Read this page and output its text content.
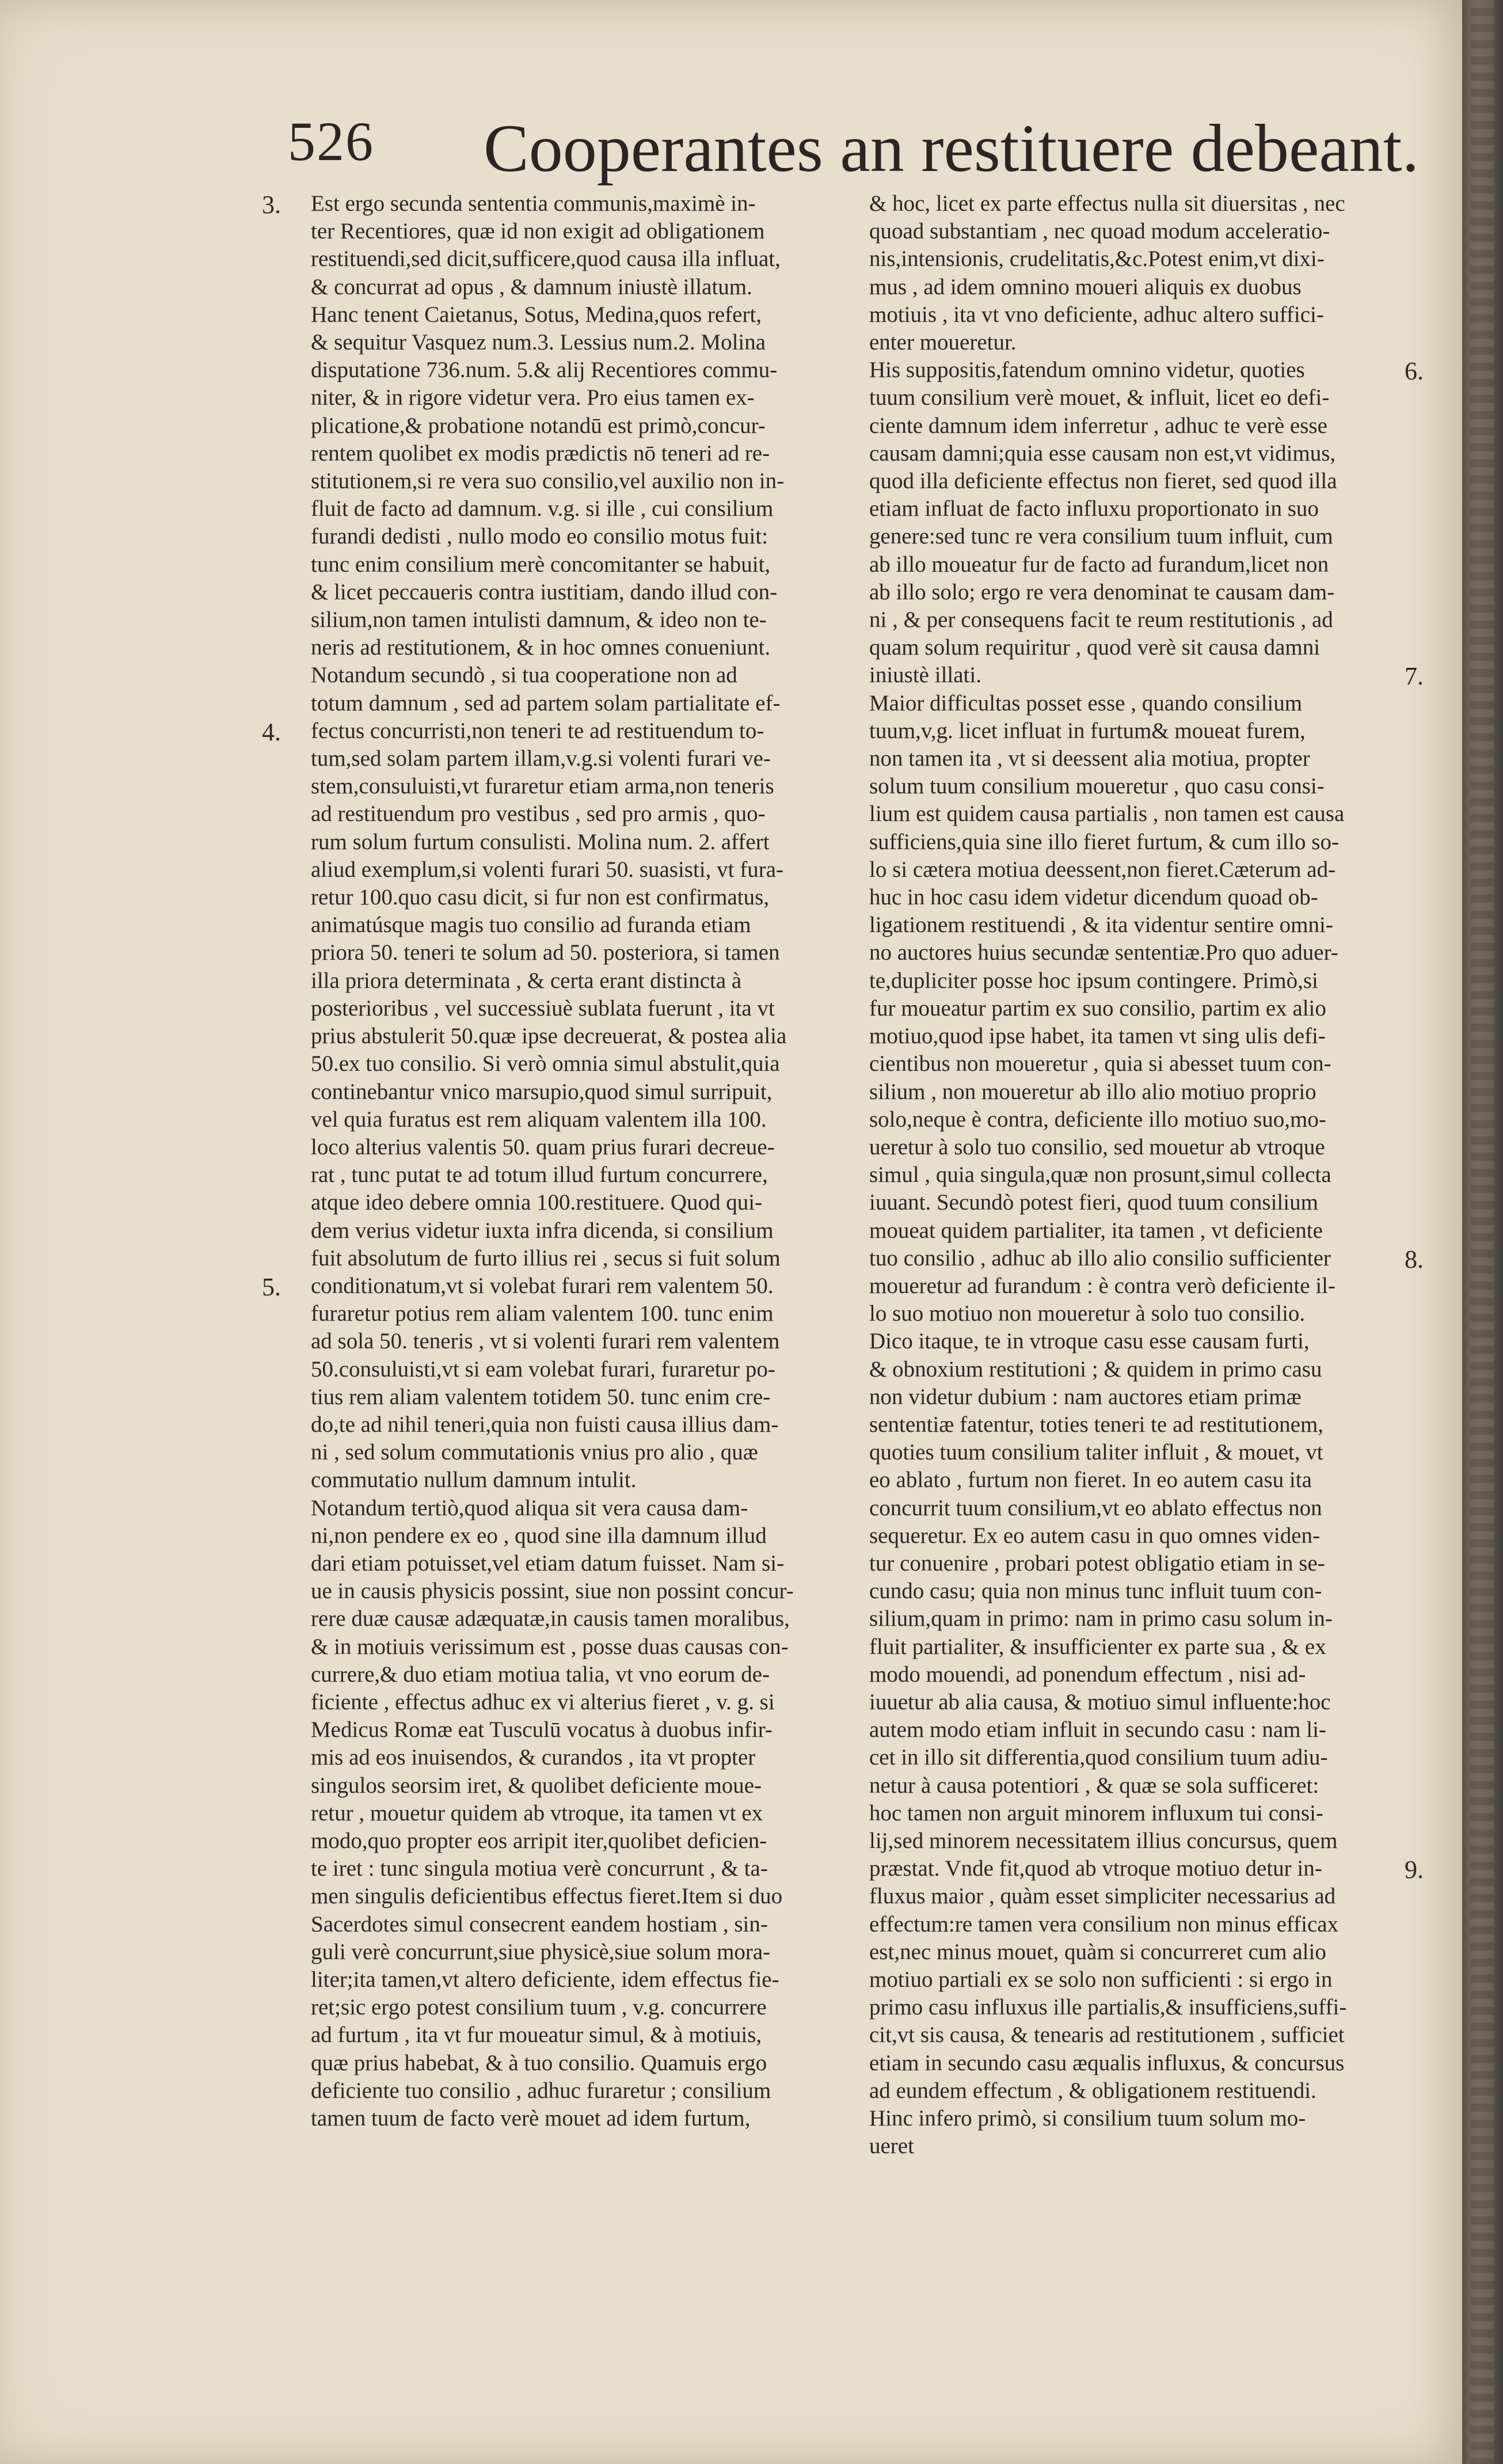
526 Cooperantes an restituere debeant.
Est ergo secunda sententia communis,maximè in-
ter Recentiores, quæ id non exigit ad obligationem
restituendi,sed dicit,sufficere,quod causa illa influat,
& concurrat ad opus , & damnum iniustè illatum.
Hanc tenent Caietanus, Sotus, Medina,quos refert,
& sequitur Vasquez num.3. Lessius num.2. Molina
disputatione 736.num. 5.& alij Recentiores commu-
niter, & in rigore videtur vera. Pro eius tamen ex-
plicatione,& probatione notandū est primò,concur-
rentem quolibet ex modis prædictis nō teneri ad re-
stitutionem,si re vera suo consilio,vel auxilio non in-
fluit de facto ad damnum. v.g. si ille , cui consilium
furandi dedisti , nullo modo eo consilio motus fuit:
tunc enim consilium merè concomitanter se habuit,
& licet peccaueris contra iustitiam, dando illud con-
silium,non tamen intulisti damnum, & ideo non te-
neris ad restitutionem, & in hoc omnes conueniunt.
Notandum secundò , si tua cooperatione non ad
totum damnum , sed ad partem solam partialitate ef-
fectus concurristi,non teneri te ad restituendum to-
tum,sed solam partem illam,v.g.si volenti furari ve-
stem,consuluisti,vt furaretur etiam arma,non teneris
ad restituendum pro vestibus , sed pro armis , quo-
rum solum furtum consulisti. Molina num. 2. affert
aliud exemplum,si volenti furari 50. suasisti, vt fura-
retur 100.quo casu dicit, si fur non est confirmatus,
animatúsque magis tuo consilio ad furanda etiam
priora 50. teneri te solum ad 50. posteriora, si tamen
illa priora determinata , & certa erant distincta à
posterioribus , vel successiuè sublata fuerunt , ita vt
prius abstulerit 50.quæ ipse decreuerat, & postea alia
50.ex tuo consilio. Si verò omnia simul abstulit,quia
continebantur vnico marsupio,quod simul surripuit,
vel quia furatus est rem aliquam valentem illa 100.
loco alterius valentis 50. quam prius furari decreue-
rat , tunc putat te ad totum illud furtum concurrere,
atque ideo debere omnia 100.restituere. Quod qui-
dem verius videtur iuxta infra dicenda, si consilium
fuit absolutum de furto illius rei , secus si fuit solum
conditionatum,vt si volebat furari rem valentem 50.
furaretur potius rem aliam valentem 100. tunc enim
ad sola 50. teneris , vt si volenti furari rem valentem
50.consuluisti,vt si eam volebat furari, furaretur po-
tius rem aliam valentem totidem 50. tunc enim cre-
do,te ad nihil teneri,quia non fuisti causa illius dam-
ni , sed solum commutationis vnius pro alio , quæ
commutatio nullum damnum intulit.
Notandum tertiò,quod aliqua sit vera causa dam-
ni,non pendere ex eo , quod sine illa damnum illud
dari etiam potuisset,vel etiam datum fuisset. Nam si-
ue in causis physicis possint, siue non possint concur-
rere duæ causæ adæquatæ,in causis tamen moralibus,
& in motiuis verissimum est , posse duas causas con-
currere,& duo etiam motiua talia, vt vno eorum de-
ficiente , effectus adhuc ex vi alterius fieret , v. g. si
Medicus Romæ eat Tusculū vocatus à duobus infir-
mis ad eos inuisendos, & curandos , ita vt propter
singulos seorsim iret, & quolibet deficiente moue-
retur , mouetur quidem ab vtroque, ita tamen vt ex
modo,quo propter eos arripit iter,quolibet deficien-
te iret : tunc singula motiua verè concurrunt , & ta-
men singulis deficientibus effectus fieret.Item si duo
Sacerdotes simul consecrent eandem hostiam , sin-
guli verè concurrunt,siue physicè,siue solum mora-
liter;ita tamen,vt altero deficiente, idem effectus fie-
ret;sic ergo potest consilium tuum , v.g. concurrere
ad furtum , ita vt fur moueatur simul, & à motiuis,
quæ prius habebat, & à tuo consilio. Quamuis ergo
deficiente tuo consilio , adhuc furaretur ; consilium
tamen tuum de facto verè mouet ad idem furtum,
& hoc, licet ex parte effectus nulla sit diuersitas , nec
quoad substantiam , nec quoad modum acceleratio-
nis,intensionis, crudelitatis,&c.Potest enim,vt dixi-
mus , ad idem omnino moueri aliquis ex duobus
motiuis , ita vt vno deficiente, adhuc altero suffici-
enter moueretur.
His suppositis,fatendum omnino videtur, quoties
tuum consilium verè mouet, & influit, licet eo defi-
ciente damnum idem inferretur , adhuc te verè esse
causam damni;quia esse causam non est,vt vidimus,
quod illa deficiente effectus non fieret, sed quod illa
etiam influat de facto influxu proportionato in suo
genere:sed tunc re vera consilium tuum influit, cum
ab illo moueatur fur de facto ad furandum,licet non
ab illo solo; ergo re vera denominat te causam dam-
ni , & per consequens facit te reum restitutionis , ad
quam solum requiritur , quod verè sit causa damni
iniustè illati.
Maior difficultas posset esse , quando consilium
tuum,v,g. licet influat in furtum& moueat furem,
non tamen ita , vt si deessent alia motiua, propter
solum tuum consilium moueretur , quo casu consi-
lium est quidem causa partialis , non tamen est causa
sufficiens,quia sine illo fieret furtum, & cum illo so-
lo si cætera motiua deessent,non fieret.Cæterum ad-
huc in hoc casu idem videtur dicendum quoad ob-
ligationem restituendi , & ita videntur sentire omni-
no auctores huius secundæ sententiæ.Pro quo aduer-
te,dupliciter posse hoc ipsum contingere. Primò,si
fur moueatur partim ex suo consilio, partim ex alio
motiuo,quod ipse habet, ita tamen vt sing ulis defi-
cientibus non moueretur , quia si abesset tuum con-
silium , non moueretur ab illo alio motiuo proprio
solo,neque è contra, deficiente illo motiuo suo,mo-
ueretur à solo tuo consilio, sed mouetur ab vtroque
simul , quia singula,quæ non prosunt,simul collecta
iuuant. Secundò potest fieri, quod tuum consilium
moueat quidem partialiter, ita tamen , vt deficiente
tuo consilio , adhuc ab illo alio consilio sufficienter
moueretur ad furandum : è contra verò deficiente il-
lo suo motiuo non moueretur à solo tuo consilio.
Dico itaque, te in vtroque casu esse causam furti,
& obnoxium restitutioni ; & quidem in primo casu
non videtur dubium : nam auctores etiam primæ
sententiæ fatentur, toties teneri te ad restitutionem,
quoties tuum consilium taliter influit , & mouet, vt
eo ablato , furtum non fieret. In eo autem casu ita
concurrit tuum consilium,vt eo ablato effectus non
sequeretur. Ex eo autem casu in quo omnes viden-
tur conuenire , probari potest obligatio etiam in se-
cundo casu; quia non minus tunc influit tuum con-
silium,quam in primo: nam in primo casu solum in-
fluit partialiter, & insufficienter ex parte sua , & ex
modo mouendi, ad ponendum effectum , nisi ad-
iuuetur ab alia causa, & motiuo simul influente:hoc
autem modo etiam influit in secundo casu : nam li-
cet in illo sit differentia,quod consilium tuum adiu-
netur à causa potentiori , & quæ se sola sufficeret:
hoc tamen non arguit minorem influxum tui consi-
lij,sed minorem necessitatem illius concursus, quem
præstat. Vnde fit,quod ab vtroque motiuo detur in-
fluxus maior , quàm esset simpliciter necessarius ad
effectum:re tamen vera consilium non minus efficax
est,nec minus mouet, quàm si concurreret cum alio
motiuo partiali ex se solo non sufficienti : si ergo in
primo casu influxus ille partialis,& insufficiens,suffi-
cit,vt sis causa, & tenearis ad restitutionem , sufficiet
etiam in secundo casu æqualis influxus, & concursus
ad eundem effectum , & obligationem restituendi.
Hinc infero primò, si consilium tuum solum mo-
ueret
3.
4.
5.
6.
7.
8.
9.
